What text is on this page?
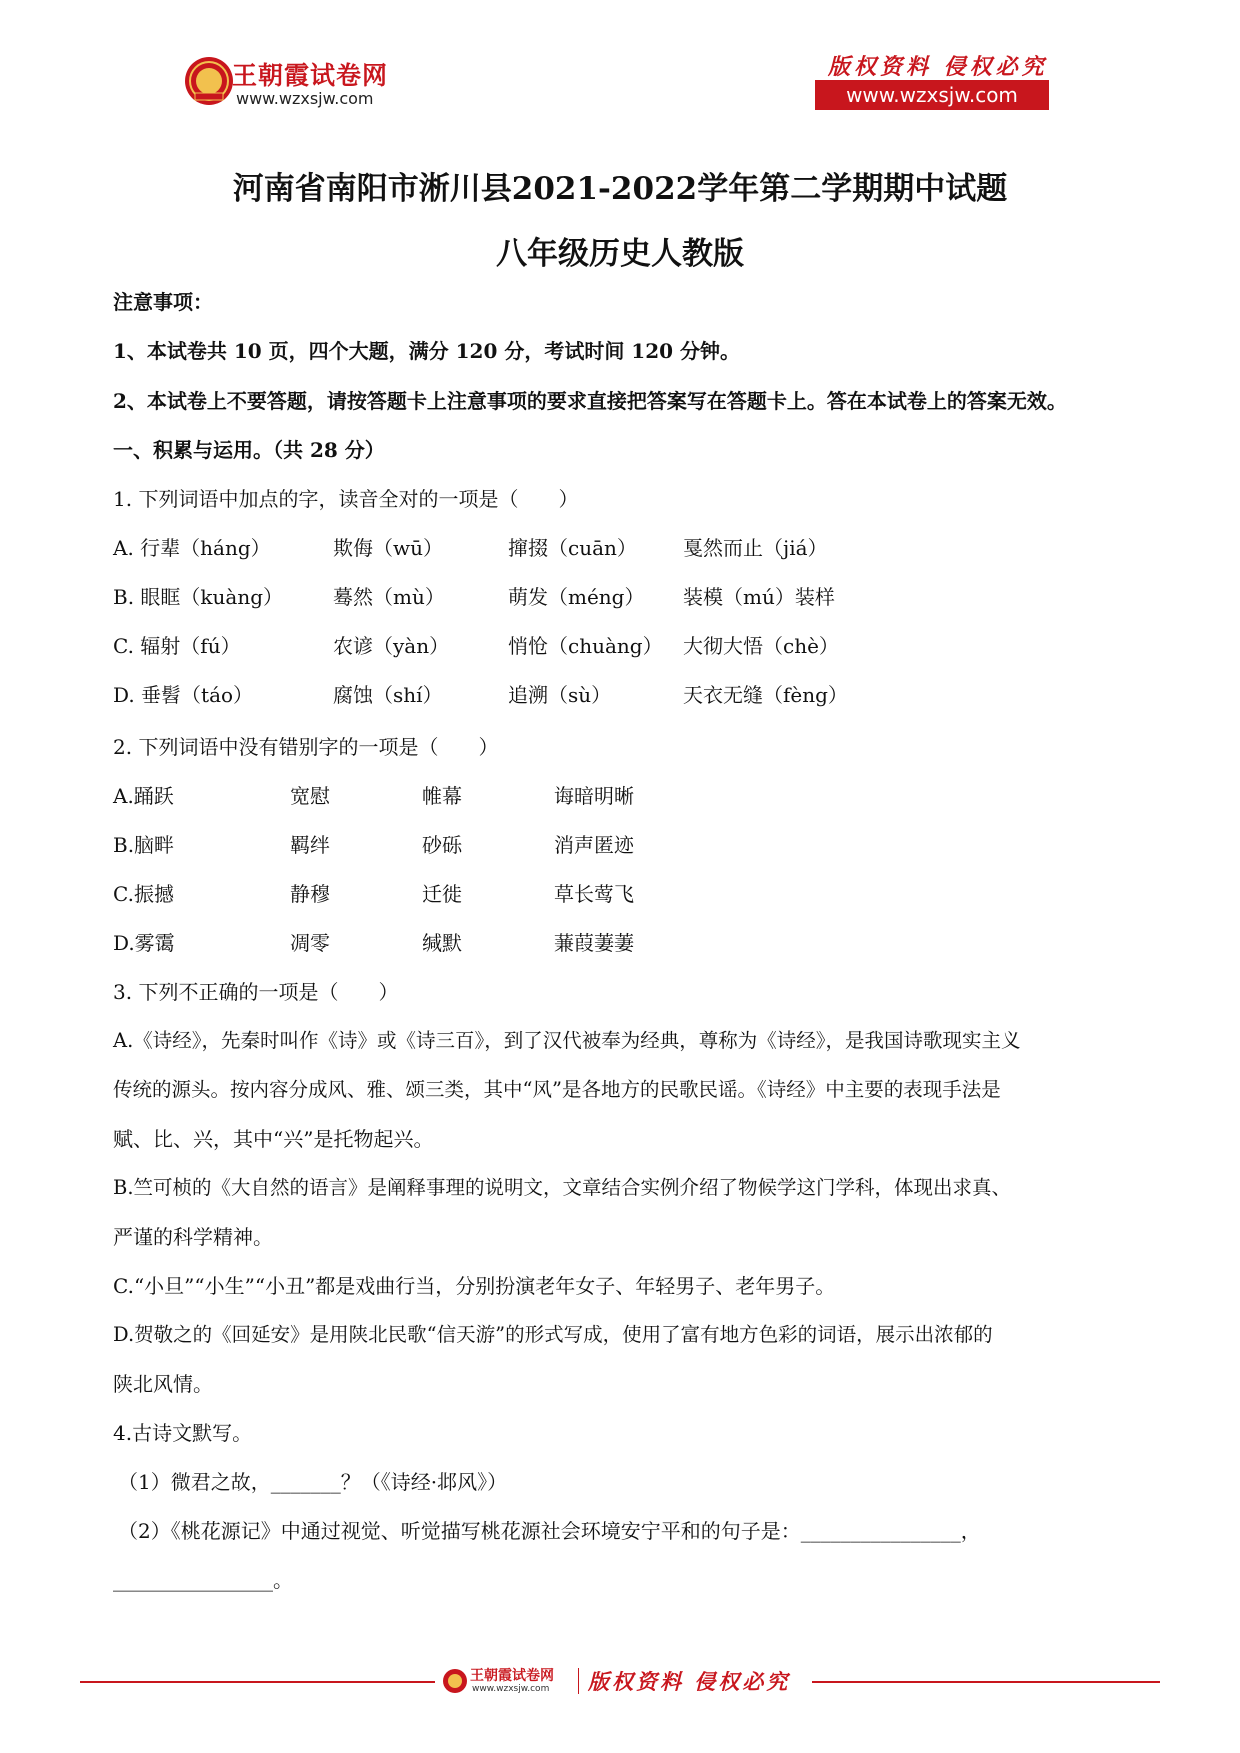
王朝霞试卷网
www.wzxsjw.com
版权资料 侵权必究
www.wzxsjw.com
河南省南阳市淅川县2021-2022学年第二学期期中试题
八年级历史人教版
注意事项：
1、本试卷共 10 页，四个大题，满分 120 分，考试时间 120 分钟。
2、本试卷上不要答题，请按答题卡上注意事项的要求直接把答案写在答题卡上。答在本试卷上的答案无效。
一、积累与运用。（共 28 分）
1. 下列词语中加点的字，读音全对的一项是（　　）
A. 行辈（háng）	欺侮（wū）	撺掇（cuān） 戛然而止（jiá）
B. 眼眶（kuàng） 蓦然（mù）	萌发（méng） 装模（mú）装样
C. 辐射（fú）	农谚（yàn）	悄怆（chuàng） 大彻大悟（chè）
D. 垂髫（táo）	腐蚀（shí）	追溯（sù）	天衣无缝（fèng）
2. 下列词语中没有错别字的一项是（　　）
A.踊跃	宽慰	帷幕	诲暗明晰
B.脑畔	羁绊	砂砾	消声匿迹
C.振撼	静穆	迁徙	草长莺飞
D.雾霭	凋零	缄默	蒹葭萋萋
3. 下列不正确的一项是（　　）
A.《诗经》，先秦时叫作《诗》或《诗三百》，到了汉代被奉为经典，尊称为《诗经》，是我国诗歌现实主义
传统的源头。按内容分成风、雅、颂三类，其中“风”是各地方的民歌民谣。《诗经》中主要的表现手法是
赋、比、兴，其中“兴”是托物起兴。
B.竺可桢的《大自然的语言》是阐释事理的说明文，文章结合实例介绍了物候学这门学科，体现出求真、
严谨的科学精神。
C.“小旦”“小生”“小丑”都是戏曲行当，分别扮演老年女子、年轻男子、老年男子。
D.贺敬之的《回延安》是用陕北民歌“信天游”的形式写成，使用了富有地方色彩的词语，展示出浓郁的
陕北风情。
4.古诗文默写。
（1）微君之故，_______？（《诗经·邶风》）
（2）《桃花源记》中通过视觉、听觉描写桃花源社会环境安宁平和的句子是：________________，
________________。
王朝霞试卷网
www.wzxsjw.com 版权资料 侵权必究
